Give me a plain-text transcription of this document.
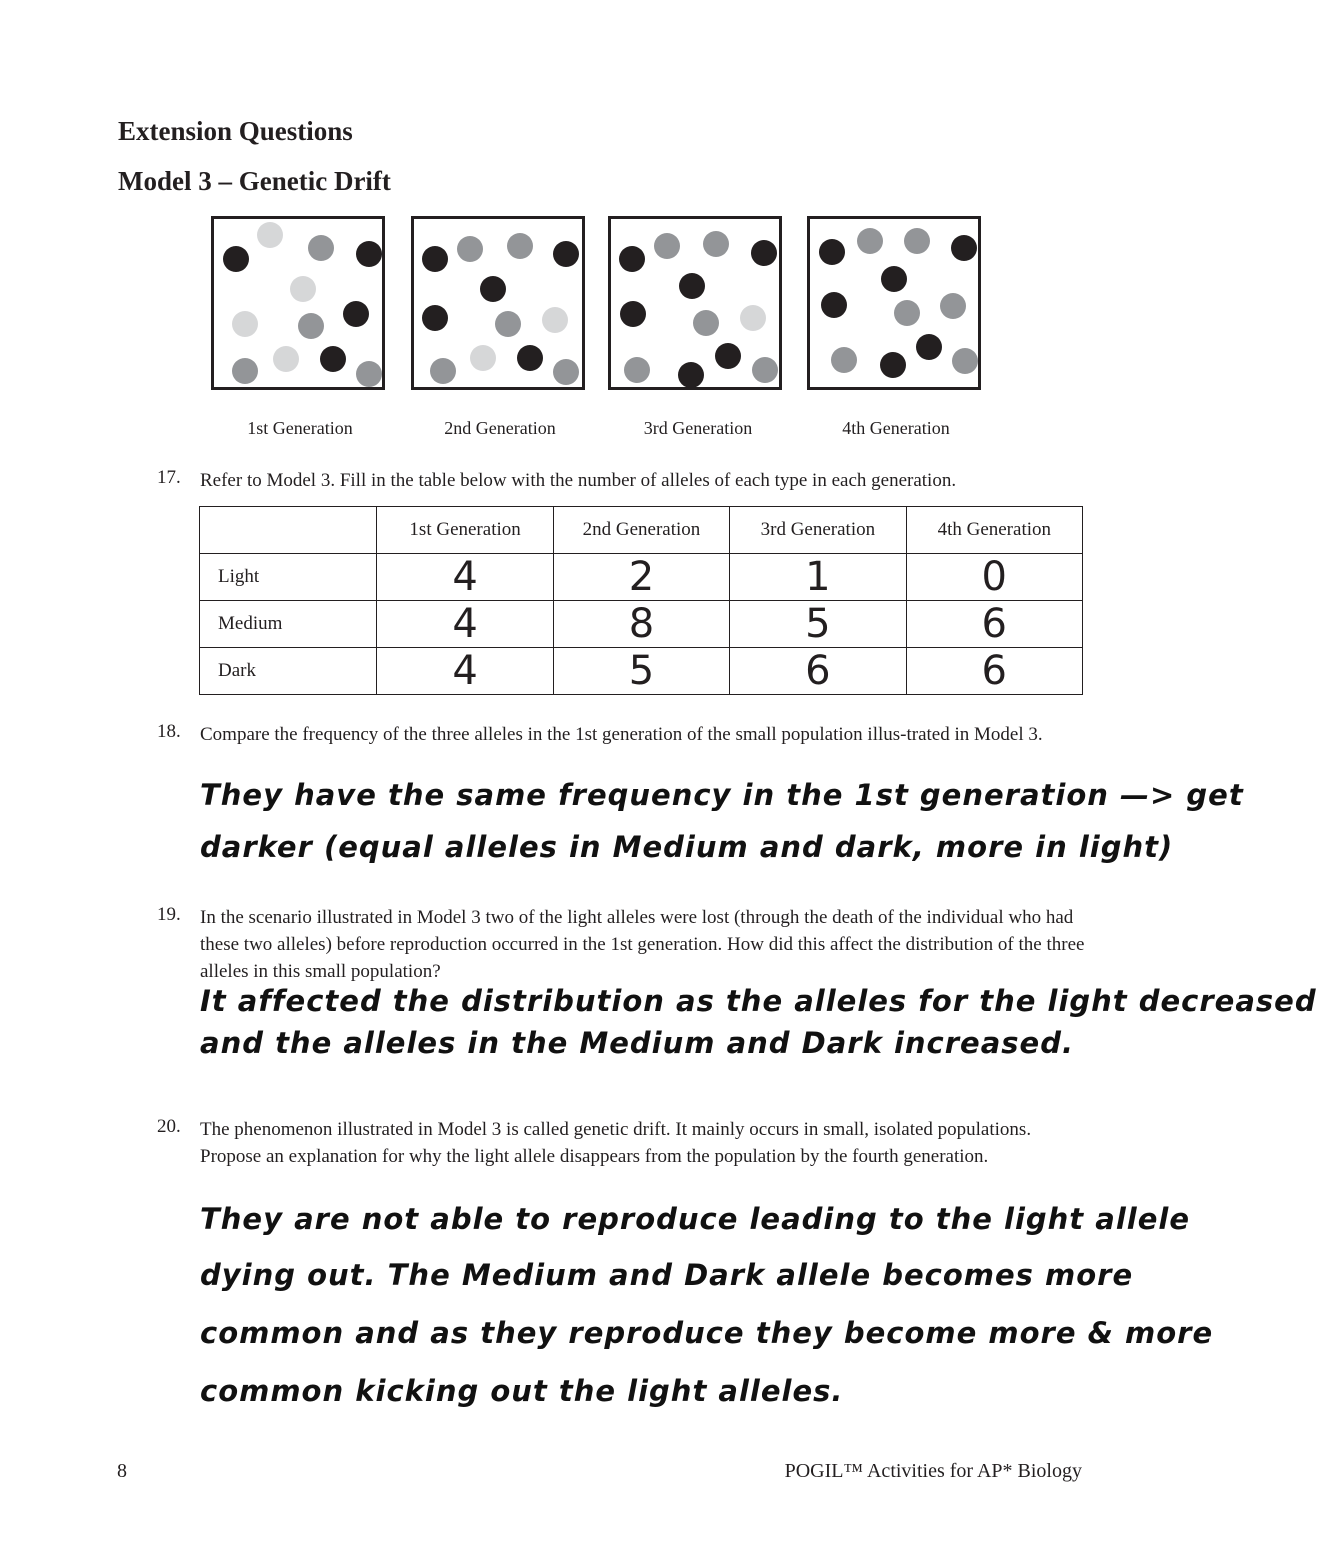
Extension Questions
Model 3 – Genetic Drift
1st Generation	2nd Generation	3rd Generation	4th Generation
17. Refer to Model 3. Fill in the table below with the number of alleles of each type in each generation.
	1st Generation	2nd Generation	3rd Generation	4th Generation
Light	4	2	1	0
Medium	4	8	5	6
Dark	4	5	6	6
18. Compare the frequency of the three alleles in the 1st generation of the small population illus-trated in Model 3.
They have the same frequency in the 1st generation —> get
darker (equal alleles in Medium and dark, more in light)
19. In the scenario illustrated in Model 3 two of the light alleles were lost (through the death of the individual who had these two alleles) before reproduction occurred in the 1st generation. How did this affect the distribution of the three alleles in this small population?
It affected the distribution as the alleles for the light decreased
and the alleles in the Medium and Dark increased.
20. The phenomenon illustrated in Model 3 is called genetic drift. It mainly occurs in small, isolated populations. Propose an explanation for why the light allele disappears from the population by the fourth generation.
They are not able to reproduce leading to the light allele
dying out. The Medium and Dark allele becomes more
common and as they reproduce they become more & more
common kicking out the light alleles.
8	POGIL™ Activities for AP* Biology
